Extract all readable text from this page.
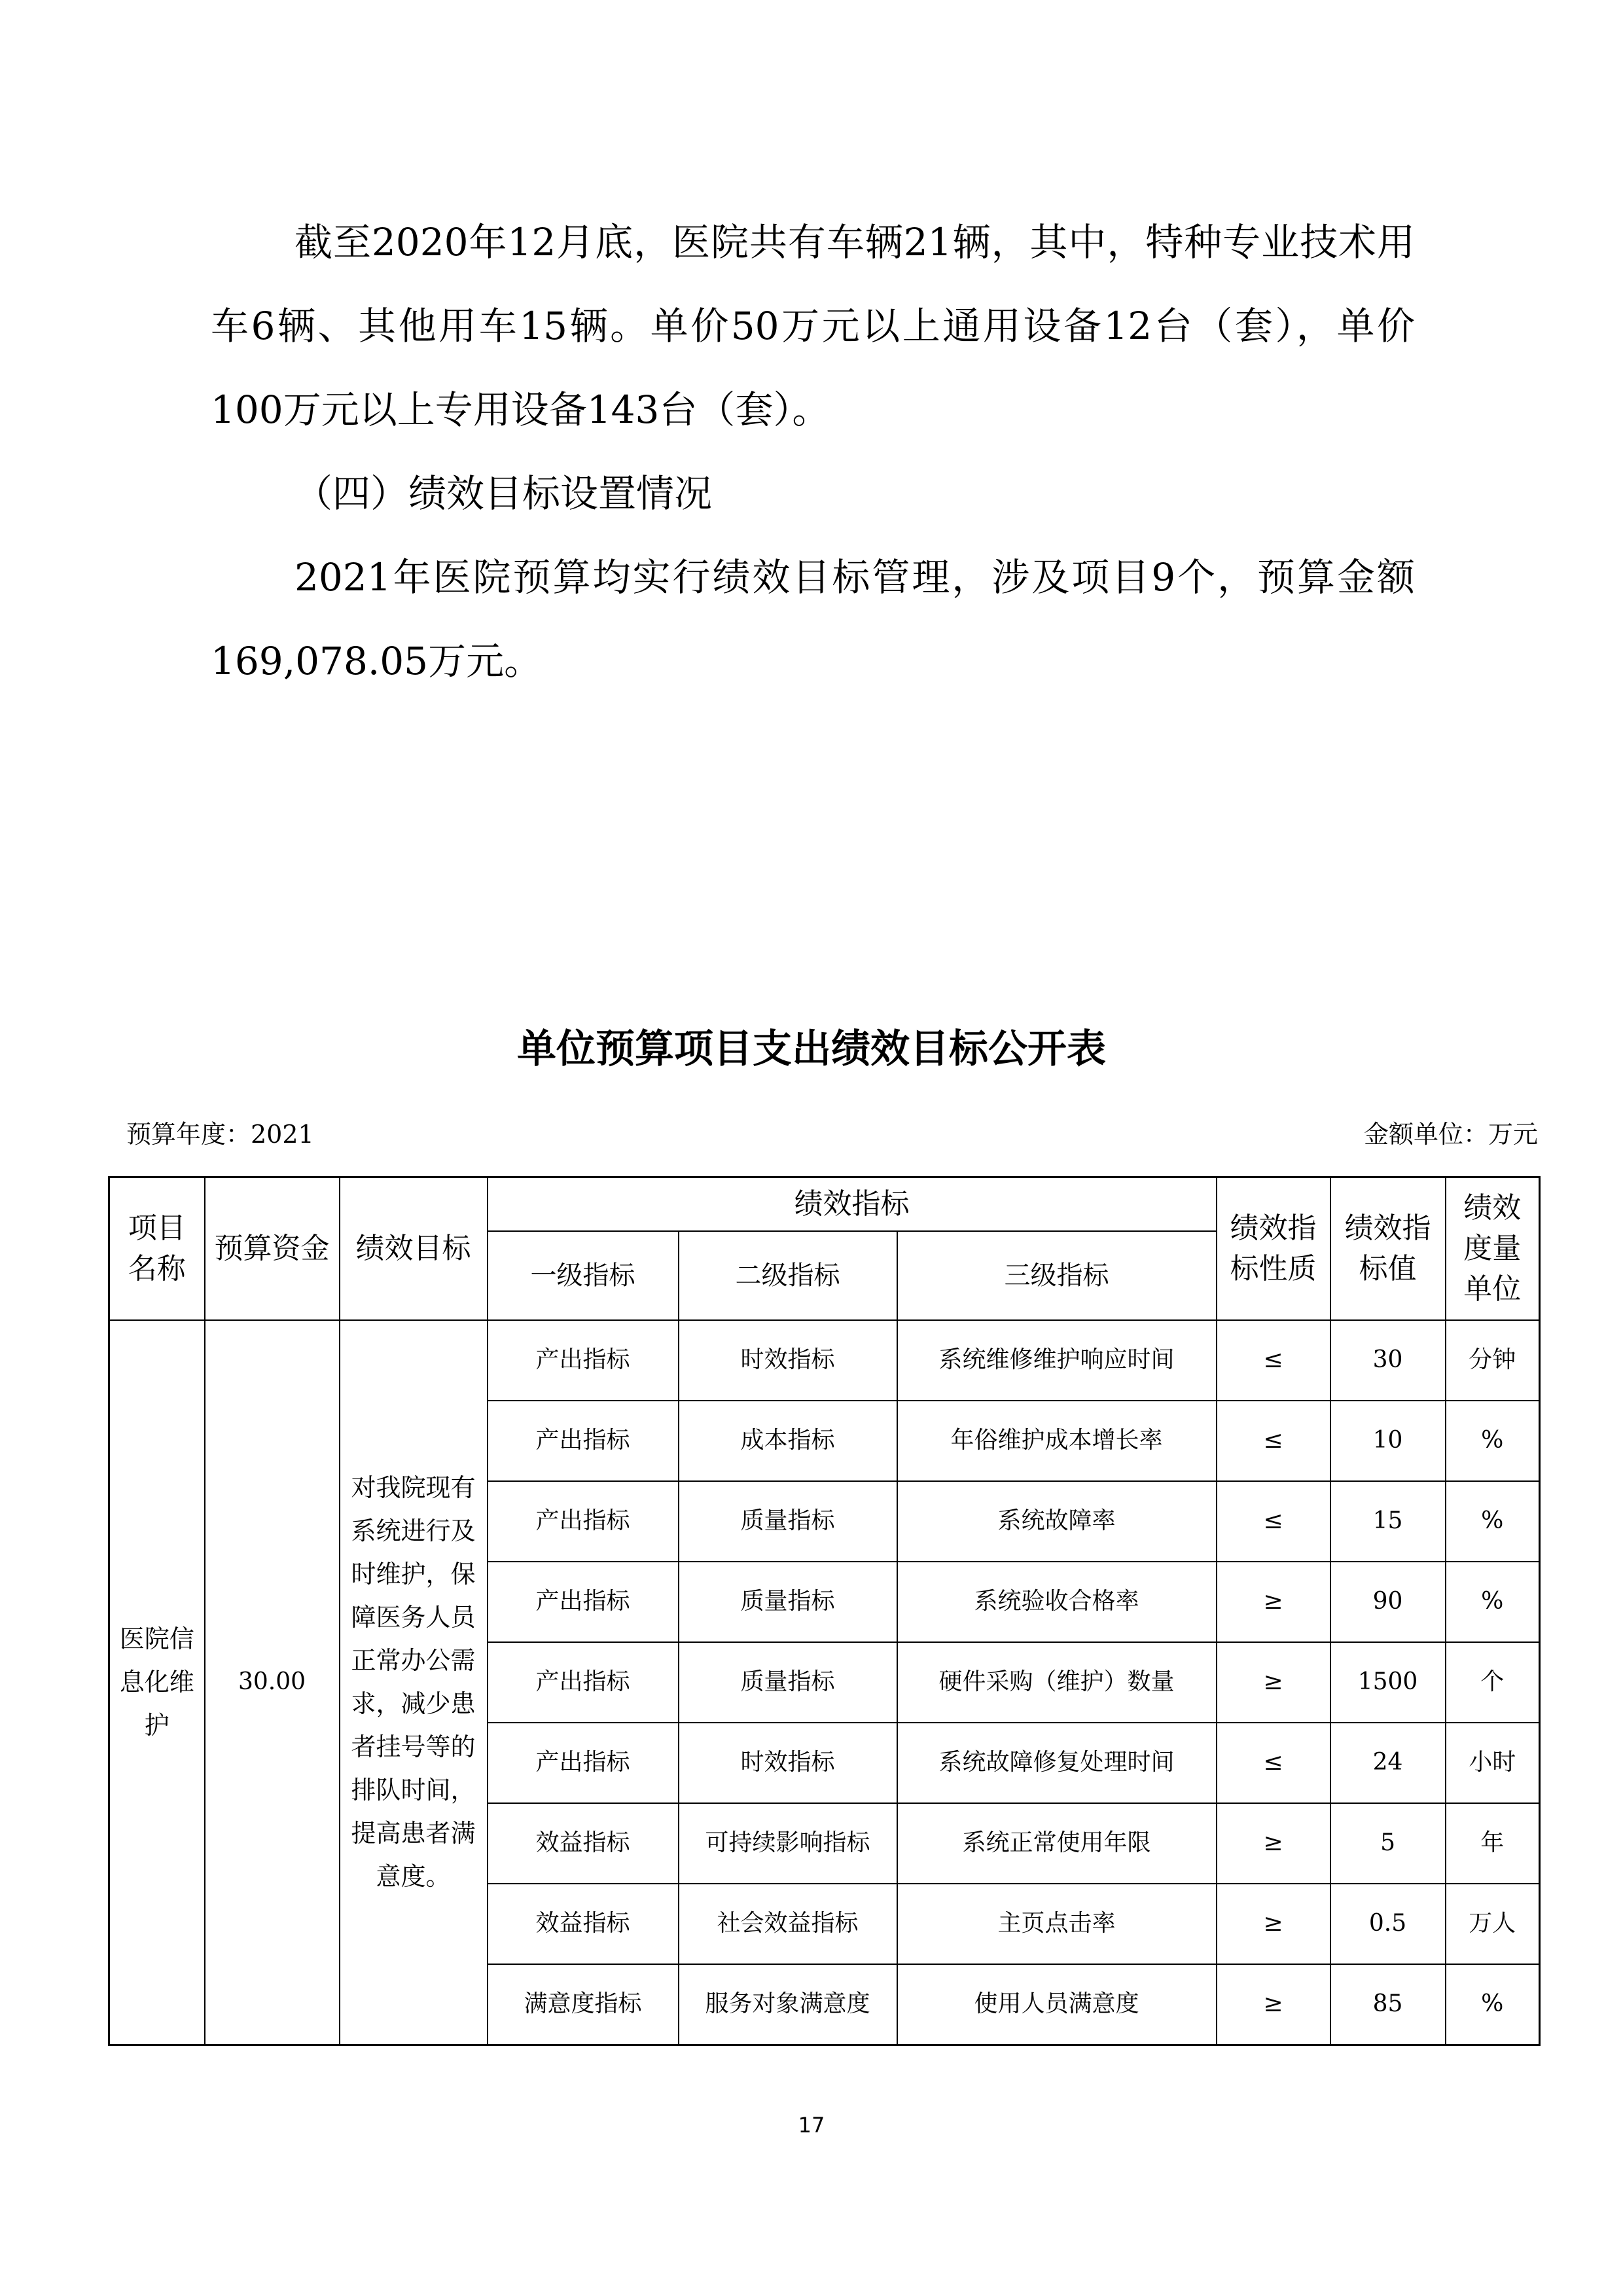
截至2020年12月底，医院共有车辆21辆，其中，特种专业技术用车6辆、其他用车15辆。单价50万元以上通用设备12台（套），单价100万元以上专用设备143台（套）。

（四）绩效目标设置情况

2021年医院预算均实行绩效目标管理，涉及项目9个，预算金额169,078.05万元。

单位预算项目支出绩效目标公开表
预算年度：2021	金额单位：万元
项目名称	预算资金	绩效目标	绩效指标			绩效指标性质	绩效指标值	绩效度量单位
			一级指标	二级指标	三级指标			
医院信息化维护	30.00	对我院现有系统进行及时维护，保障医务人员正常办公需求，减少患者挂号等的排队时间，提高患者满意度。	产出指标	时效指标	系统维修维护响应时间	≤	30	分钟
			产出指标	成本指标	年俗维护成本增长率	≤	10	%
			产出指标	质量指标	系统故障率	≤	15	%
			产出指标	质量指标	系统验收合格率	≥	90	%
			产出指标	质量指标	硬件采购（维护）数量	≥	1500	个
			产出指标	时效指标	系统故障修复处理时间	≤	24	小时
			效益指标	可持续影响指标	系统正常使用年限	≥	5	年
			效益指标	社会效益指标	主页点击率	≥	0.5	万人
			满意度指标	服务对象满意度	使用人员满意度	≥	85	%
17
